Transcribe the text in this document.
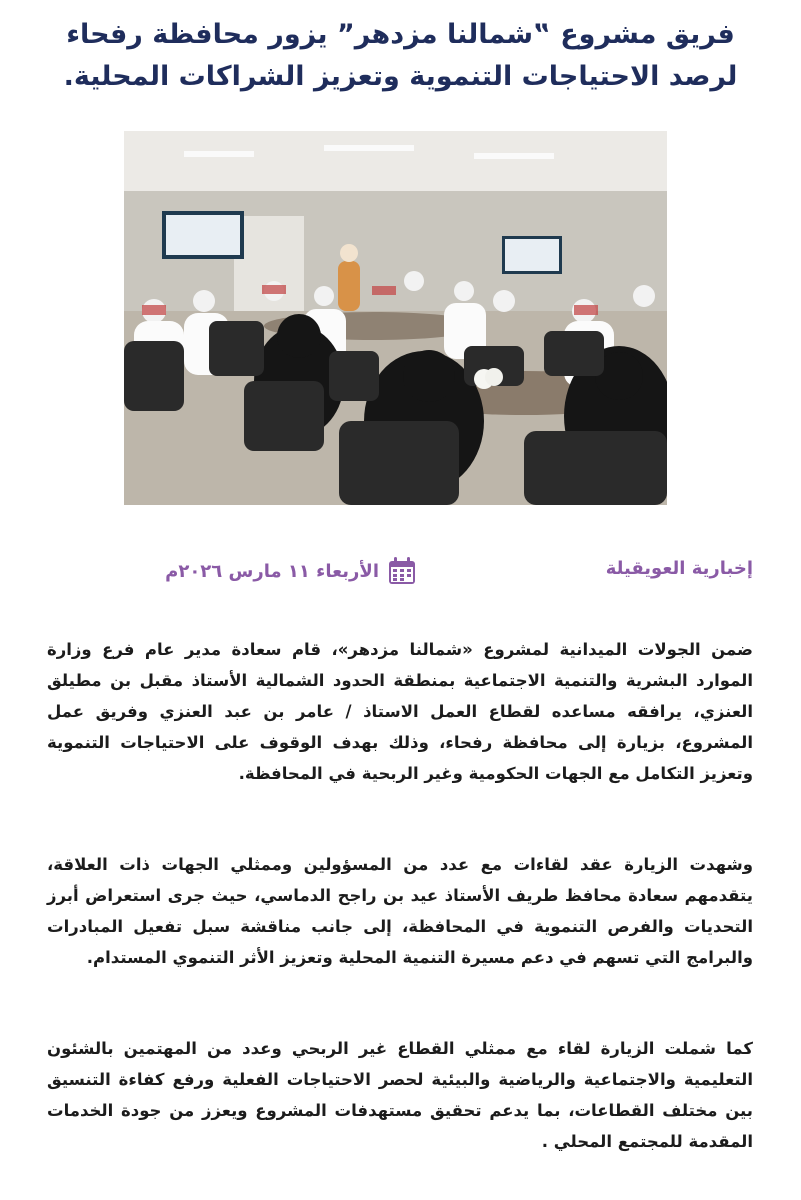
فريق مشروع ‟شمالنا مزدهر” يزور محافظة رفحاء لرصد الاحتياجات التنموية وتعزيز الشراكات المحلية.
إخبارية العويقيلة
الأربعاء ١١ مارس ٢٠٢٦م

ضمن الجولات الميدانية لمشروع «شمالنا مزدهر»، قام سعادة مدير عام فرع وزارة الموارد البشرية والتنمية الاجتماعية بمنطقة الحدود الشمالية الأستاذ مقبل بن مطيلق العنزي، يرافقه مساعده لقطاع العمل الاستاذ / عامر بن عبد العنزي وفريق عمل المشروع، بزيارة إلى محافظة رفحاء، وذلك بهدف الوقوف على الاحتياجات التنموية وتعزيز التكامل مع الجهات الحكومية وغير الربحية في المحافظة.

وشهدت الزيارة عقد لقاءات مع عدد من المسؤولين وممثلي الجهات ذات العلاقة، يتقدمهم سعادة محافظ طريف الأستاذ عيد بن راجح الدماسي، حيث جرى استعراض أبرز التحديات والفرص التنموية في المحافظة، إلى جانب مناقشة سبل تفعيل المبادرات والبرامج التي تسهم في دعم مسيرة التنمية المحلية وتعزيز الأثر التنموي المستدام.

كما شملت الزيارة لقاء مع ممثلي القطاع غير الربحي وعدد من المهتمين بالشئون التعليمية والاجتماعية والرياضية والبيئية لحصر الاحتياجات الفعلية ورفع كفاءة التنسيق بين مختلف القطاعات، بما يدعم تحقيق مستهدفات المشروع ويعزز من جودة الخدمات المقدمة للمجتمع المحلي .
